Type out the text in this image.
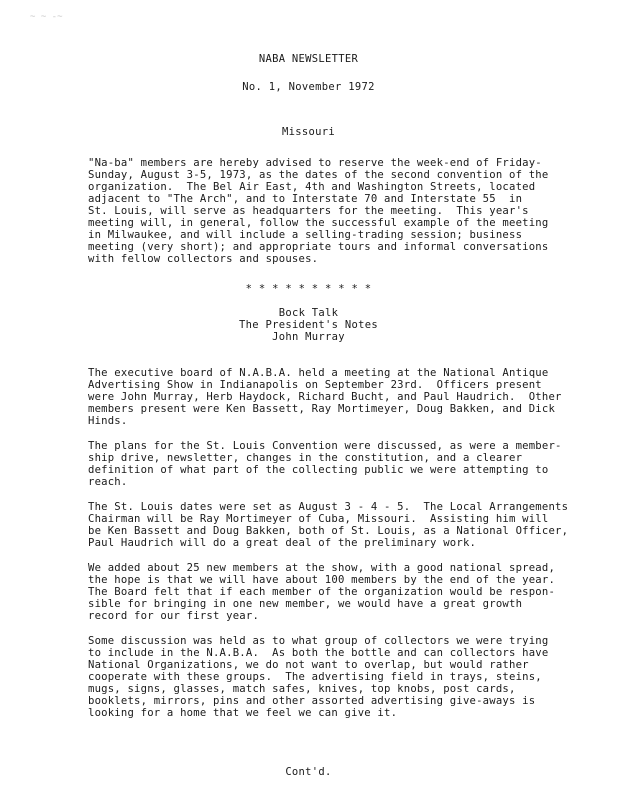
~ ~ -~
NABA NEWSLETTER
No. 1, November 1972
Missouri
"Na-ba" members are hereby advised to reserve the week-end of Friday-
Sunday, August 3-5, 1973, as the dates of the second convention of the
organization.  The Bel Air East, 4th and Washington Streets, located
adjacent to "The Arch", and to Interstate 70 and Interstate 55  in
St. Louis, will serve as headquarters for the meeting.  This year's
meeting will, in general, follow the successful example of the meeting
in Milwaukee, and will include a selling-trading session; business
meeting (very short); and appropriate tours and informal conversations
with fellow collectors and spouses.
* * * * * * * * * *
Bock Talk
The President's Notes
John Murray
The executive board of N.A.B.A. held a meeting at the National Antique
Advertising Show in Indianapolis on September 23rd.  Officers present
were John Murray, Herb Haydock, Richard Bucht, and Paul Haudrich.  Other
members present were Ken Bassett, Ray Mortimeyer, Doug Bakken, and Dick
Hinds.
The plans for the St. Louis Convention were discussed, as were a member-
ship drive, newsletter, changes in the constitution, and a clearer
definition of what part of the collecting public we were attempting to
reach.
The St. Louis dates were set as August 3 - 4 - 5.  The Local Arrangements
Chairman will be Ray Mortimeyer of Cuba, Missouri.  Assisting him will
be Ken Bassett and Doug Bakken, both of St. Louis, as a National Officer,
Paul Haudrich will do a great deal of the preliminary work.
We added about 25 new members at the show, with a good national spread,
the hope is that we will have about 100 members by the end of the year.
The Board felt that if each member of the organization would be respon-
sible for bringing in one new member, we would have a great growth
record for our first year.
Some discussion was held as to what group of collectors we were trying
to include in the N.A.B.A.  As both the bottle and can collectors have
National Organizations, we do not want to overlap, but would rather
cooperate with these groups.  The advertising field in trays, steins,
mugs, signs, glasses, match safes, knives, top knobs, post cards,
booklets, mirrors, pins and other assorted advertising give-aways is
looking for a home that we feel we can give it.
Cont'd.
